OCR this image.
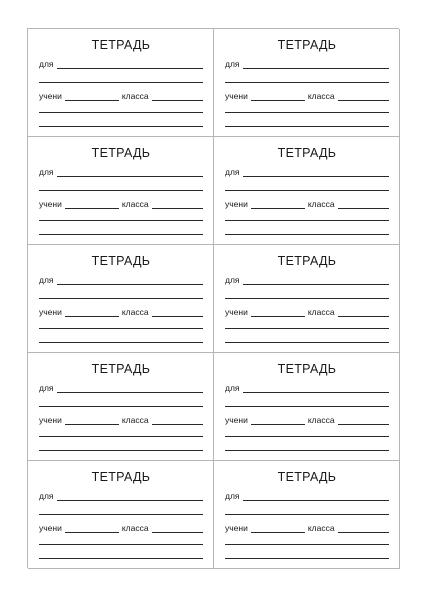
ТЕТРАДЬ
для
учени	класса
ТЕТРАДЬ
для
учени	класса
ТЕТРАДЬ
для
учени	класса
ТЕТРАДЬ
для
учени	класса
ТЕТРАДЬ
для
учени	класса
ТЕТРАДЬ
для
учени	класса
ТЕТРАДЬ
для
учени	класса
ТЕТРАДЬ
для
учени	класса
ТЕТРАДЬ
для
учени	класса
ТЕТРАДЬ
для
учени	класса
